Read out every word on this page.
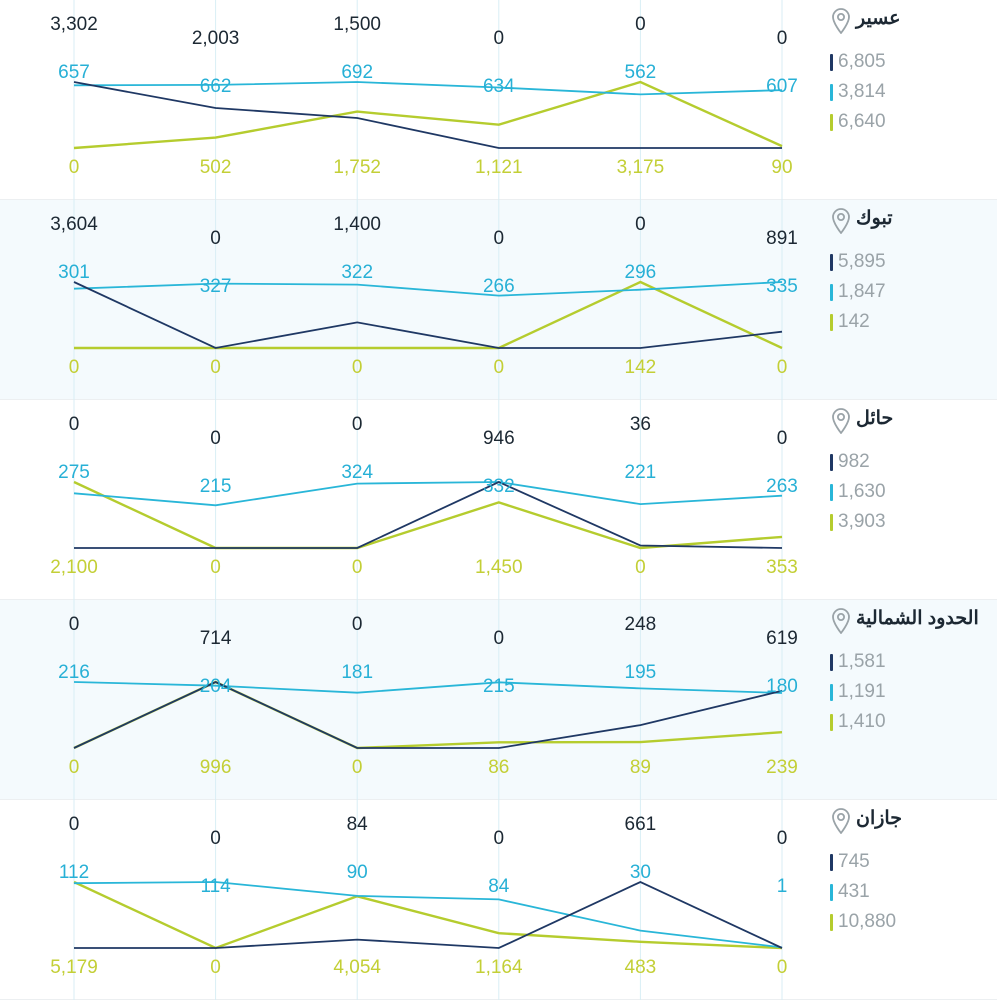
3,302
2,003
1,500
0
0
0
657
662
692
634
562
607
0	502	1,752	1,121	3,175	90
عسير
6,805
3,814
6,640
3,604
0
1,400
0
0
891
301
327
322
266
296
335
0	0	0	0	142	0
تبوك
5,895
1,847
142
0
0
0
946
36
0
275
215
324
332
221
263
2,100	0	0	1,450	0	353
حائل
982
1,630
3,903
0
714
0
0
248
619
216
204
181
215
195
180
0	996	0	86	89	239
الحدود الشمالية
1,581
1,191
1,410
0
0
84
0
661
0
112
114
90
84
30
1
5,179	0	4,054	1,164	483	0
جازان
745
431
10,880
